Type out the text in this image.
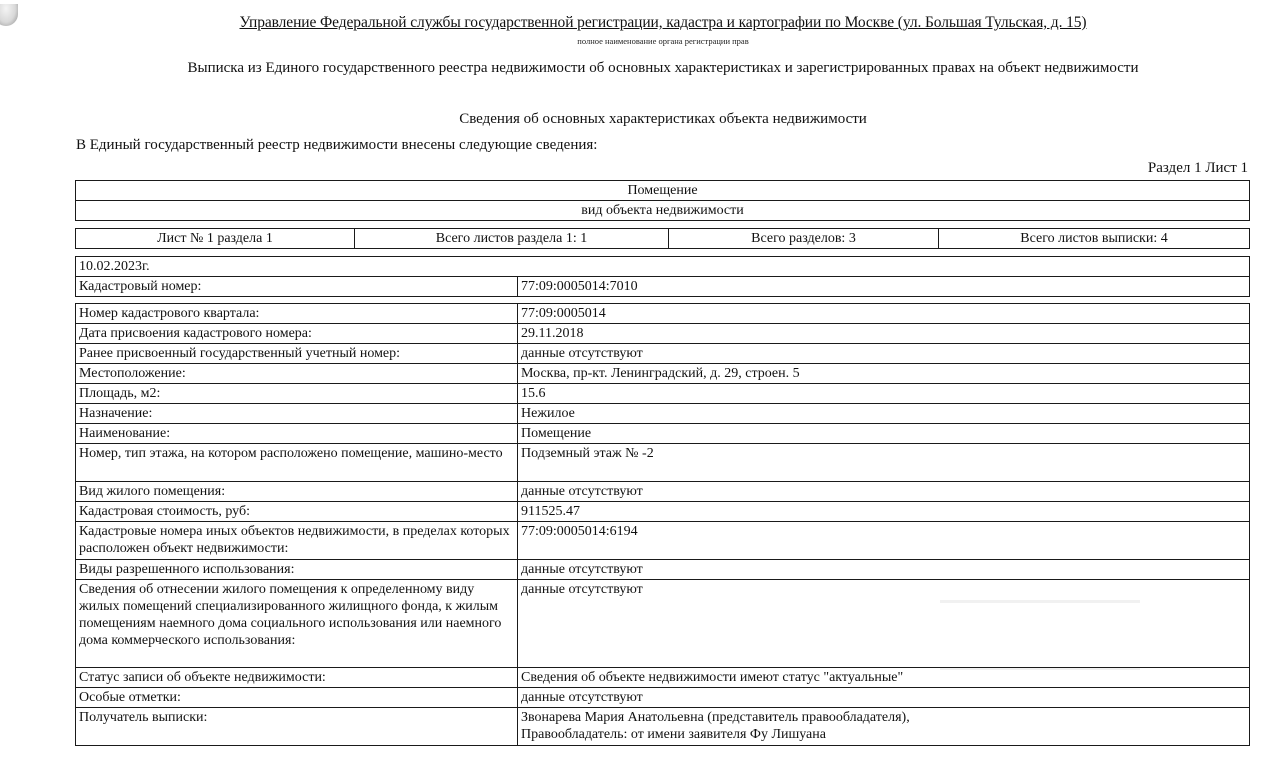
Управление Федеральной службы государственной регистрации, кадастра и картографии по Москве (ул. Большая Тульская, д. 15)
полное наименование органа регистрации прав
Выписка из Единого государственного реестра недвижимости об основных характеристиках и зарегистрированных правах на объект недвижимости
Сведения об основных характеристиках объекта недвижимости
В Единый государственный реестр недвижимости внесены следующие сведения:
Раздел 1 Лист 1
Помещение
вид объекта недвижимости
Лист № 1 раздела 1	Всего листов раздела 1: 1	Всего разделов: 3	Всего листов выписки: 4
10.02.2023г.
Кадастровый номер:	77:09:0005014:7010
Номер кадастрового квартала:	77:09:0005014
Дата присвоения кадастрового номера:	29.11.2018
Ранее присвоенный государственный учетный номер:	данные отсутствуют
Местоположение:	Москва, пр-кт. Ленинградский, д. 29, строен. 5
Площадь, м2:	15.6
Назначение:	Нежилое
Наименование:	Помещение
Номер, тип этажа, на котором расположено помещение, машино-место	Подземный этаж № -2
Вид жилого помещения:	данные отсутствуют
Кадастровая стоимость, руб:	911525.47
Кадастровые номера иных объектов недвижимости, в пределах которых расположен объект недвижимости:	77:09:0005014:6194
Виды разрешенного использования:	данные отсутствуют
Сведения об отнесении жилого помещения к определенному виду жилых помещений специализированного жилищного фонда, к жилым помещениям наемного дома социального использования или наемного дома коммерческого использования:	данные отсутствуют
Статус записи об объекте недвижимости:	Сведения об объекте недвижимости имеют статус "актуальные"
Особые отметки:	данные отсутствуют
Получатель выписки:	Звонарева Мария Анатольевна (представитель правообладателя),
Правообладатель: от имени заявителя Фу Лишуана
